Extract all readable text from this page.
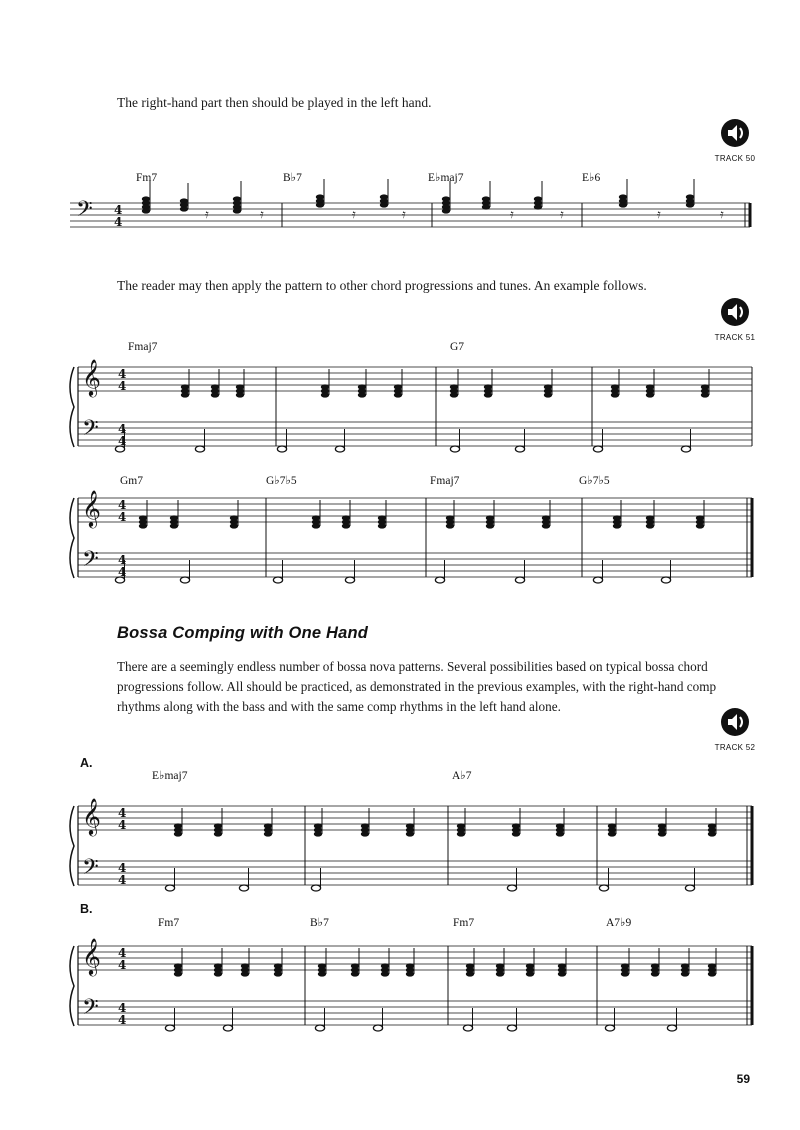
The right-hand part then should be played in the left hand.
The reader may then apply the pattern to other chord progressions and tunes. An example follows.
Bossa Comping with One Hand
There are a seemingly endless number of bossa nova patterns. Several possibilities based on typical bossa chord progressions follow. All should be practiced, as demonstrated in the previous examples, with the right-hand comp rhythms along with the bass and with the same comp rhythms in the left hand alone.
TRACK 50
TRACK 51
TRACK 52
A.
B.
59
𝄢 4
4
𝄿	𝄿	𝄿	𝄿	𝄿	𝄿	𝄿	𝄿
𝄞
𝄢
4
4
4
4
𝄞
𝄢
4
4
4
4
𝄞
𝄢
4
4
4
4
𝄞
𝄢
4
4
4
4
Fm7	B♭7	E♭maj7	E♭6
Fmaj7	G7
Gm7	G♭7♭5	Fmaj7	G♭7♭5
E♭maj7	A♭7
Fm7	B♭7	Fm7	A7♭9
